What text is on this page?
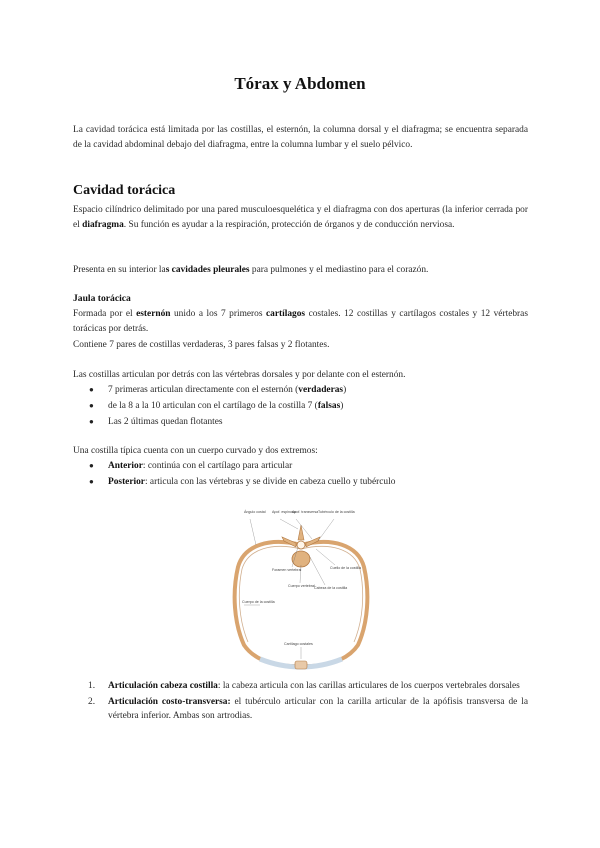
Tórax y Abdomen

La cavidad torácica está limitada por las costillas, el esternón, la columna dorsal y el diafragma; se encuentra separada de la cavidad abdominal debajo del diafragma, entre la columna lumbar y el suelo pélvico.

Cavidad torácica

Espacio cilíndrico delimitado por una pared musculoesquelética y el diafragma con dos aperturas (la inferior cerrada por el diafragma. Su función es ayudar a la respiración, protección de órganos y de conducción nerviosa.

Presenta en su interior las cavidades pleurales para pulmones y el mediastino para el corazón.

Jaula torácica

Formada por el esternón unido a los 7 primeros cartílagos costales. 12 costillas y cartílagos costales y 12 vértebras torácicas por detrás.

Contiene 7 pares de costillas verdaderas, 3 pares falsas y 2 flotantes.

Las costillas articulan por detrás con las vértebras dorsales y por delante con el esternón.

● 7 primeras articulan directamente con el esternón (verdaderas)
● de la 8 a la 10 articulan con el cartílago de la costilla 7 (falsas)
● Las 2 últimas quedan flotantes

Una costilla típica cuenta con un cuerpo curvado y dos extremos:

● Anterior: continúa con el cartílago para articular
● Posterior: articula con las vértebras y se divide en cabeza cuello y tubérculo
Ángulo costal Apof. espinosa
Apof. transversa Tubérculo de la costilla
Foramen vertebral	Cuello de la costilla
Cuerpo vertebral Cabeza de la costilla
Cuerpo de la costilla
Cartílago costales
1. Articulación cabeza costilla: la cabeza articula con las carillas articulares de los cuerpos vertebrales dorsales
2. Articulación costo-transversa: el tubérculo articular con la carilla articular de la apófisis transversa de la vértebra inferior. Ambas son artrodias.
